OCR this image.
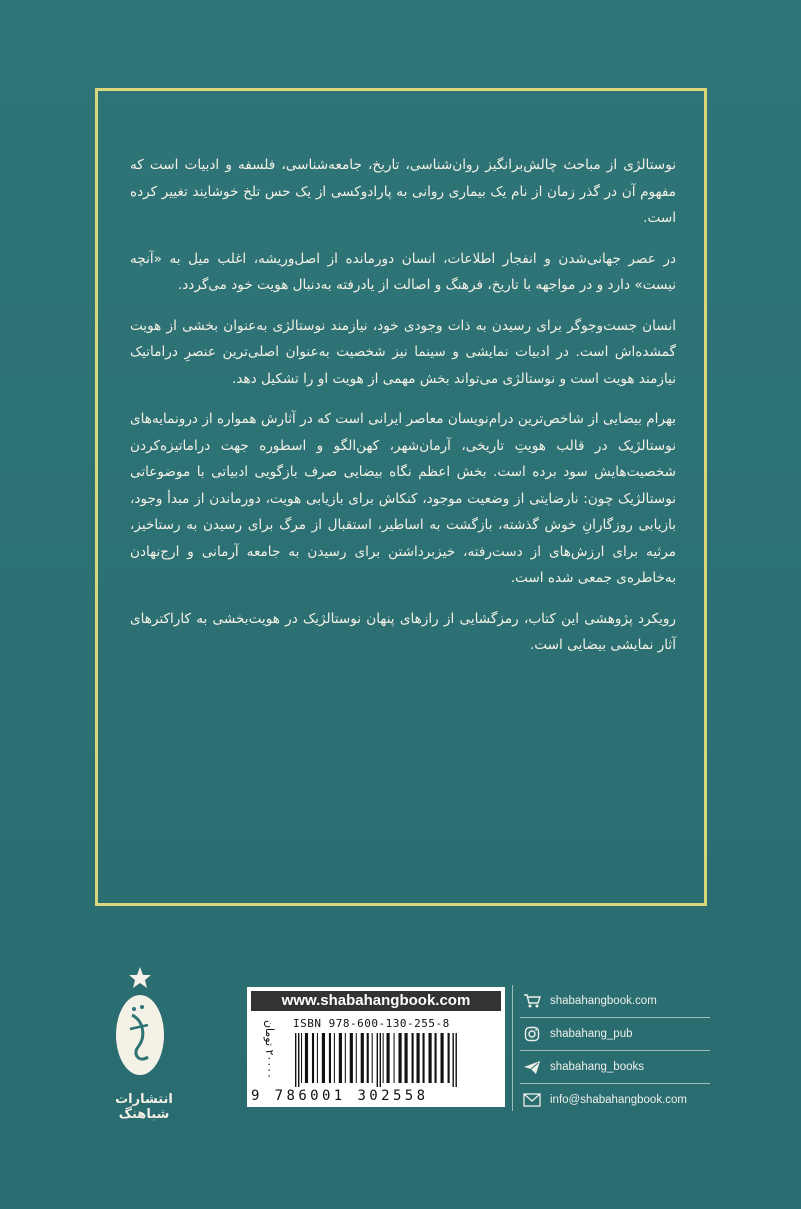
نوستالژی از مباحث چالش‌برانگیز روان‌شناسی، تاریخ، جامعه‌شناسی، فلسفه و ادبیات است که مفهوم آن در گذر زمان از نام یک بیماری روانی به پارادوکسی از یک حس تلخ خوشایند تغییر کرده است.

در عصر جهانی‌شدن و انفجار اطلاعات، انسان دورمانده از اصل‌وریشه، اغلب میل به «آنچه نیست» دارد و در مواجهه با تاریخ، فرهنگ و اصالت از یادرفته به‌دنبال هویت خود می‌گردد.

انسان جست‌وجوگر برای رسیدن به ذات وجودی خود، نیازمند نوستالژی به‌عنوان بخشی از هویت گمشده‌اش است. در ادبیات نمایشی و سینما نیز شخصیت به‌عنوان اصلی‌ترین عنصرِ دراماتیک نیازمند هویت است و نوستالژی می‌تواند بخش مهمی از هویت او را تشکیل دهد.

بهرام بیضایی از شاخص‌ترین درام‌نویسان معاصر ایرانی است که در آثارش همواره از درونمایه‌های نوستالژیک در قالب هویتِ تاریخی، آرمان‌شهر، کهن‌الگو و اسطوره جهت دراماتیزه‌کردن شخصیت‌هایش سود برده است. بخش اعظم نگاه بیضایی صرف بازگویی ادبیاتی با موضوعاتی نوستالژیک چون: نارضایتی از وضعیت موجود، کنکاش برای بازیابی هویت، دورماندن از مبدأ وجود، بازیابی روزگارانِ خوش گذشته، بازگشت به اساطیر، استقبال از مرگ برای رسیدن به رستاخیز، مرثیه برای ارزش‌های از دست‌رفته، خیزبرداشتن برای رسیدن به جامعه آرمانی و ارج‌نهادن به‌خاطره‌ی جمعی شده است.

رویکرد پژوهشی این کتاب، رمزگشایی از رازهای پنهان نوستالژیک در هویت‌بخشی به کاراکترهای آثار نمایشی بیضایی است.

انتشارات شباهنگ
www.shabahangbook.com
۲۰۰۰۰ تومان
ISBN 978-600-130-255-8
9 786001 302558
shabahangbook.com
shabahang_pub
shabahang_books
info@shabahangbook.com
